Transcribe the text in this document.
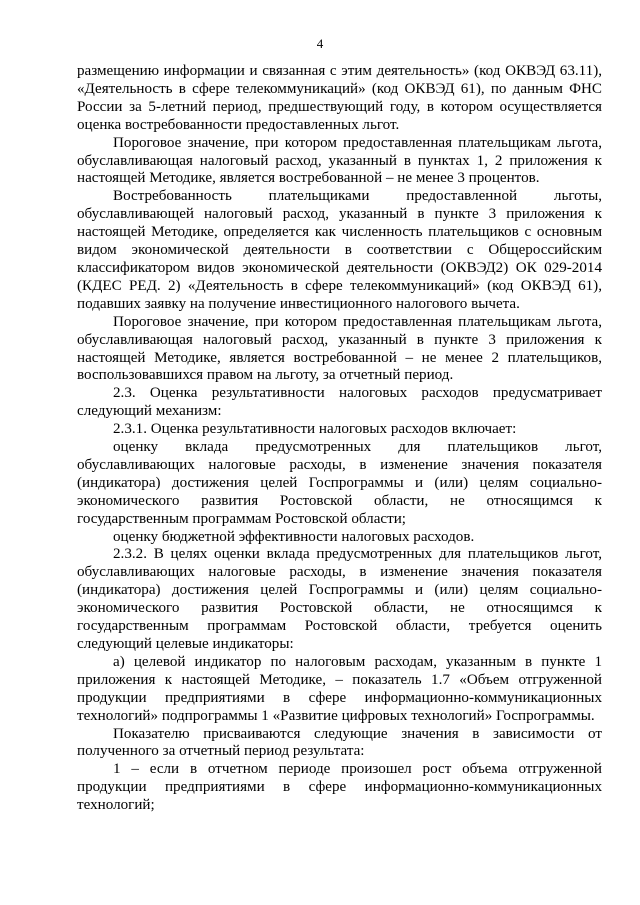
4

размещению информации и связанная с этим деятельность» (код ОКВЭД 63.11), «Деятельность в сфере телекоммуникаций» (код ОКВЭД 61), по данным ФНС России за 5-летний период, предшествующий году, в котором осуществляется оценка востребованности предоставленных льгот.

Пороговое значение, при котором предоставленная плательщикам льгота, обуславливающая налоговый расход, указанный в пунктах 1, 2 приложения к настоящей Методике, является востребованной – не менее 3 процентов.

Востребованность плательщиками предоставленной льготы, обуславливающей налоговый расход, указанный в пункте 3 приложения к настоящей Методике, определяется как численность плательщиков с основным видом экономической деятельности в соответствии с Общероссийским классификатором видов экономической деятельности (ОКВЭД2) ОК 029-2014 (КДЕС РЕД. 2) «Деятельность в сфере телекоммуникаций» (код ОКВЭД 61), подавших заявку на получение инвестиционного налогового вычета.

Пороговое значение, при котором предоставленная плательщикам льгота, обуславливающая налоговый расход, указанный в пункте 3 приложения к настоящей Методике, является востребованной – не менее 2 плательщиков, воспользовавшихся правом на льготу, за отчетный период.

2.3. Оценка результативности налоговых расходов предусматривает следующий механизм:

2.3.1. Оценка результативности налоговых расходов включает:

оценку вклада предусмотренных для плательщиков льгот, обуславливающих налоговые расходы, в изменение значения показателя (индикатора) достижения целей Госпрограммы и (или) целям социально-экономического развития Ростовской области, не относящимся к государственным программам Ростовской области;

оценку бюджетной эффективности налоговых расходов.

2.3.2. В целях оценки вклада предусмотренных для плательщиков льгот, обуславливающих налоговые расходы, в изменение значения показателя (индикатора) достижения целей Госпрограммы и (или) целям социально-экономического развития Ростовской области, не относящимся к государственным программам Ростовской области, требуется оценить следующий целевые индикаторы:

а) целевой индикатор по налоговым расходам, указанным в пункте 1 приложения к настоящей Методике, – показатель 1.7 «Объем отгруженной продукции предприятиями в сфере информационно-коммуникационных технологий» подпрограммы 1 «Развитие цифровых технологий» Госпрограммы.

Показателю присваиваются следующие значения в зависимости от полученного за отчетный период результата:

1 – если в отчетном периоде произошел рост объема отгруженной продукции предприятиями в сфере информационно-коммуникационных технологий;
